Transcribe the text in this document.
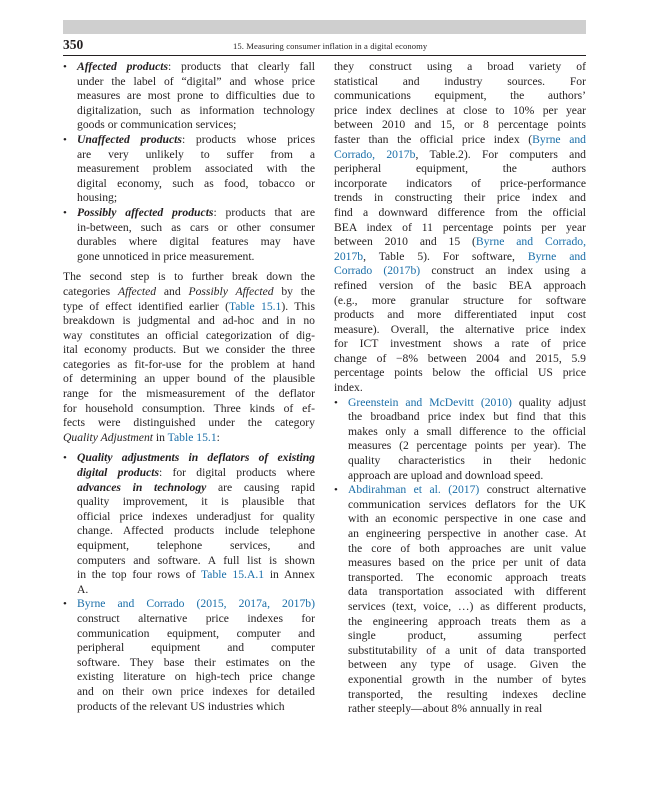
350	15. Measuring consumer inflation in a digital economy
• Affected products: products that clearly fall
under the label of “digital” and whose price
measures are most prone to difficulties due to
digitalization, such as information technology
goods or communication services;
• Unaffected products: products whose prices
are very unlikely to suffer from a
measurement problem associated with the
digital economy, such as food, tobacco or
housing;
• Possibly affected products: products that are
in-between, such as cars or other consumer
durables where digital features may have
gone unnoticed in price measurement.
The second step is to further break down the
categories Affected and Possibly Affected by the
type of effect identified earlier (Table 15.1). This
breakdown is judgmental and ad-hoc and in no
way constitutes an official categorization of dig-
ital economy products. But we consider the three
categories as fit-for-use for the problem at hand
of determining an upper bound of the plausible
range for the mismeasurement of the deflator
for household consumption. Three kinds of ef-
fects were distinguished under the category
Quality Adjustment in Table 15.1:
• Quality adjustments in deflators of existing
digital products: for digital products where
advances in technology are causing rapid
quality improvement, it is plausible that
official price indexes underadjust for quality
change. Affected products include telephone
equipment, telephone services, and
computers and software. A full list is shown
in the top four rows of Table 15.A.1 in Annex
A.
• Byrne and Corrado (2015, 2017a, 2017b)
construct alternative price indexes for
communication equipment, computer and
peripheral equipment and computer
software. They base their estimates on the
existing literature on high-tech price change
and on their own price indexes for detailed
products of the relevant US industries which
they construct using a broad variety of
statistical and industry sources. For
communications equipment, the authors’
price index declines at close to 10% per year
between 2010 and 15, or 8 percentage points
faster than the official price index (Byrne and
Corrado, 2017b, Table.2). For computers and
peripheral equipment, the authors
incorporate indicators of price-performance
trends in constructing their price index and
find a downward difference from the official
BEA index of 11 percentage points per year
between 2010 and 15 (Byrne and Corrado,
2017b, Table 5). For software, Byrne and
Corrado (2017b) construct an index using a
refined version of the basic BEA approach
(e.g., more granular structure for software
products and more differentiated input cost
measure). Overall, the alternative price index
for ICT investment shows a rate of price
change of −8% between 2004 and 2015, 5.9
percentage points below the official US price
index.
• Greenstein and McDevitt (2010) quality adjust
the broadband price index but find that this
makes only a small difference to the official
measures (2 percentage points per year). The
quality characteristics in their hedonic
approach are upload and download speed.
• Abdirahman et al. (2017) construct alternative
communication services deflators for the UK
with an economic perspective in one case and
an engineering perspective in another case. At
the core of both approaches are unit value
measures based on the price per unit of data
transported. The economic approach treats
data transportation associated with different
services (text, voice, …) as different products,
the engineering approach treats them as a
single product, assuming perfect
substitutability of a unit of data transported
between any type of usage. Given the
exponential growth in the number of bytes
transported, the resulting indexes decline
rather steeply—about 8% annually in real
